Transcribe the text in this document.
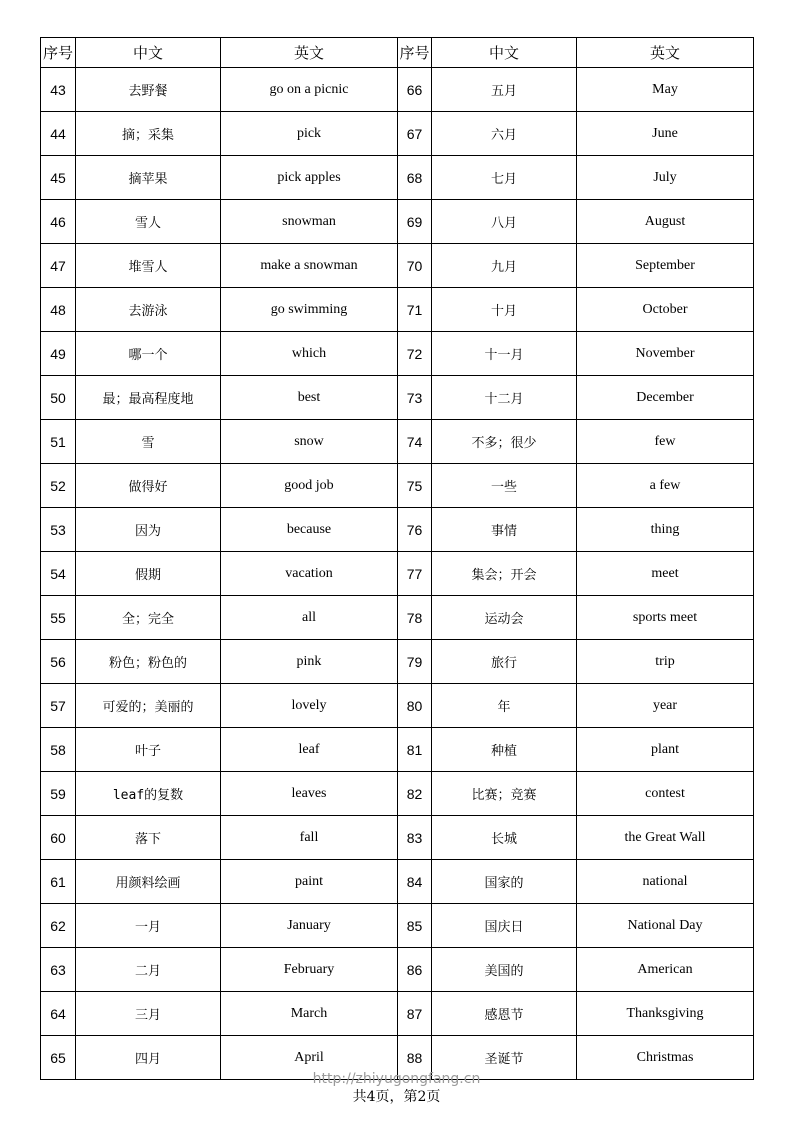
序号	中文	英文	序号	中文	英文
43	去野餐	go on a picnic	66	五月	May
44	摘；采集	pick	67	六月	June
45	摘苹果	pick apples	68	七月	July
46	雪人	snowman	69	八月	August
47	堆雪人	make a snowman	70	九月	September
48	去游泳	go swimming	71	十月	October
49	哪一个	which	72	十一月	November
50	最；最高程度地	best	73	十二月	December
51	雪	snow	74	不多；很少	few
52	做得好	good job	75	一些	a few
53	因为	because	76	事情	thing
54	假期	vacation	77	集会；开会	meet
55	全；完全	all	78	运动会	sports meet
56	粉色；粉色的	pink	79	旅行	trip
57	可爱的；美丽的	lovely	80	年	year
58	叶子	leaf	81	种植	plant
59	leaf的复数	leaves	82	比赛；竞赛	contest
60	落下	fall	83	长城	the Great Wall
61	用颜料绘画	paint	84	国家的	national
62	一月	January	85	国庆日	National Day
63	二月	February	86	美国的	American
64	三月	March	87	感恩节	Thanksgiving
65	四月	April	88	圣诞节	Christmas
http://zhiyugongfang.cn
共4页，第2页
